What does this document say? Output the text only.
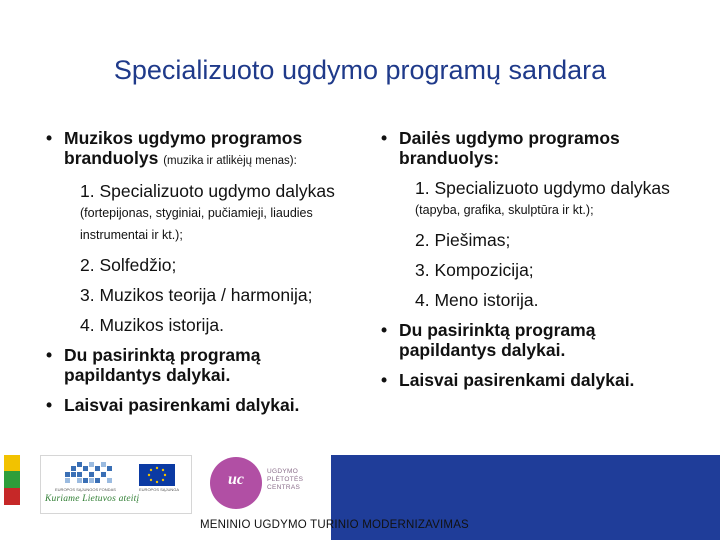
Specializuoto ugdymo programų sandara
• Muzikos ugdymo programos branduolys (muzika ir atlikėjų menas):
1. Specializuoto ugdymo dalykas (fortepijonas, styginiai, pučiamieji, liaudies instrumentai ir kt.);
2. Solfedžio;
3. Muzikos teorija / harmonija;
4. Muzikos istorija.
• Du pasirinktą programą papildantys dalykai.
• Laisvai pasirenkami dalykai.
• Dailės ugdymo programos branduolys:
1. Specializuoto ugdymo dalykas (tapyba, grafika, skulptūra ir kt.);
2. Piešimas;
3. Kompozicija;
4. Meno istorija.
• Du pasirinktą programą papildantys dalykai.
• Laisvai pasirenkami dalykai.
EUROPOS SĄJUNGOS FONDAS	EUROPOS SĄJUNGA
Kuriame Lietuvos ateitį
uc	UGDYMO PLĖTOTĖS CENTRAS
MENINIO UGDYMO TURINIO MODERNIZAVIMAS
